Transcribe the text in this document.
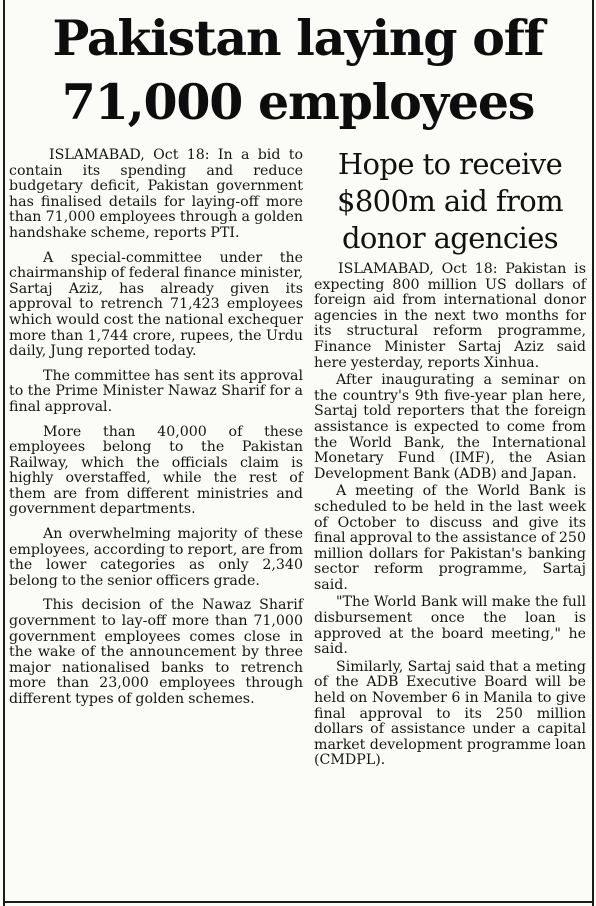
Pakistan laying off 71,000 employees

ISLAMABAD, Oct 18: In a bid to contain its spending and reduce budgetary deficit, Pakistan government has finalised details for laying-off more than 71,000 employees through a golden handshake scheme, reports PTI.

A special-committee under the chairmanship of federal finance minister, Sartaj Aziz, has already given its approval to retrench 71,423 employees which would cost the national exchequer more than 1,744 crore, rupees, the Urdu daily, Jung reported today.

The committee has sent its approval to the Prime Minister Nawaz Sharif for a final approval.

More than 40,000 of these employees belong to the Pakistan Railway, which the officials claim is highly overstaffed, while the rest of them are from different ministries and government departments.

An overwhelming majority of these employees, according to report, are from the lower categories as only 2,340 belong to the senior officers grade.

This decision of the Nawaz Sharif government to lay-off more than 71,000 government employees comes close in the wake of the announcement by three major nationalised banks to retrench more than 23,000 employees through different types of golden schemes.

Hope to receive $800m aid from donor agencies

ISLAMABAD, Oct 18: Pakistan is expecting 800 million US dollars of foreign aid from international donor agencies in the next two months for its structural reform programme, Finance Minister Sartaj Aziz said here yesterday, reports Xinhua.

After inaugurating a seminar on the country's 9th five-year plan here, Sartaj told reporters that the foreign assistance is expected to come from the World Bank, the International Monetary Fund (IMF), the Asian Development Bank (ADB) and Japan.

A meeting of the World Bank is scheduled to be held in the last week of October to discuss and give its final approval to the assistance of 250 million dollars for Pakistan's banking sector reform programme, Sartaj said.

"The World Bank will make the full disbursement once the loan is approved at the board meeting," he said.

Similarly, Sartaj said that a meting of the ADB Executive Board will be held on November 6 in Manila to give final approval to its 250 million dollars of assistance under a capital market development programme loan (CMDPL).
